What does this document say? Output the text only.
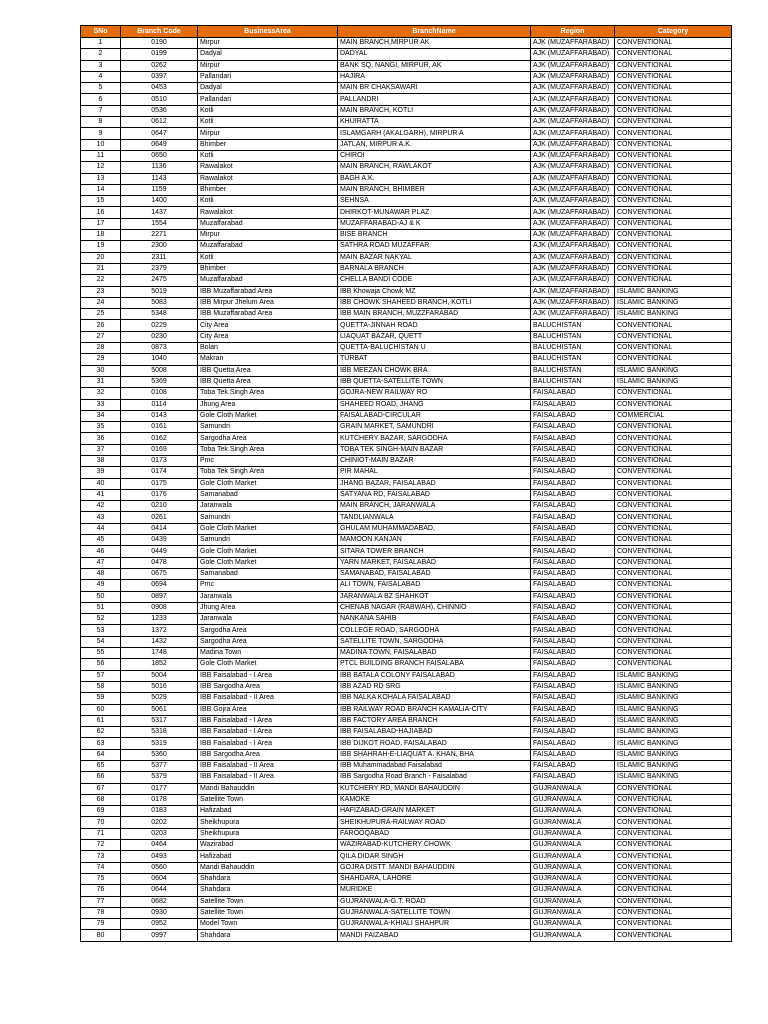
SNo	Branch Code	BusinessArea	BranchName	Region	Category
1	0190	Mirpur	MAIN BRANCH,MIRPUR AK	AJK (MUZAFFARABAD)	CONVENTIONAL
2	0199	Dadyal	DADYAL	AJK (MUZAFFARABAD)	CONVENTIONAL
3	0262	Mirpur	BANK SQ, NANGI, MIRPUR, AK	AJK (MUZAFFARABAD)	CONVENTIONAL
4	0397	Pallandari	HAJIRA	AJK (MUZAFFARABAD)	CONVENTIONAL
5	0453	Dadyal	MAIN BR CHAKSAWARI	AJK (MUZAFFARABAD)	CONVENTIONAL
6	0510	Pallandari	PALLANDRI	AJK (MUZAFFARABAD)	CONVENTIONAL
7	0536	Kotli	MAIN BRANCH, KOTLI	AJK (MUZAFFARABAD)	CONVENTIONAL
8	0612	Kotli	KHUIRATTA	AJK (MUZAFFARABAD)	CONVENTIONAL
9	0647	Mirpur	ISLAMGARH (AKALGARH), MIRPUR A	AJK (MUZAFFARABAD)	CONVENTIONAL
10	0649	Bhimber	JATLAN, MIRPUR A.K.	AJK (MUZAFFARABAD)	CONVENTIONAL
11	0650	Kotli	CHIROI	AJK (MUZAFFARABAD)	CONVENTIONAL
12	1136	Rawalakot	MAIN BRANCH, RAWLAKOT	AJK (MUZAFFARABAD)	CONVENTIONAL
13	1143	Rawalakot	BAGH A.K.	AJK (MUZAFFARABAD)	CONVENTIONAL
14	1159	Bhimber	MAIN BRANCH, BHIMBER	AJK (MUZAFFARABAD)	CONVENTIONAL
15	1400	Kotli	SEHNSA	AJK (MUZAFFARABAD)	CONVENTIONAL
16	1437	Rawalakot	DHIRKOT-MUNAWAR PLAZ	AJK (MUZAFFARABAD)	CONVENTIONAL
17	1554	Muzaffarabad	MUZAFFARABAD-AJ & K	AJK (MUZAFFARABAD)	CONVENTIONAL
18	2271	Mirpur	BISE BRANCH	AJK (MUZAFFARABAD)	CONVENTIONAL
19	2300	Muzaffarabad	SATHRA ROAD MUZAFFAR	AJK (MUZAFFARABAD)	CONVENTIONAL
20	2311	Kotli	MAIN BAZAR NAKYAL	AJK (MUZAFFARABAD)	CONVENTIONAL
21	2379	Bhimber	BARNALA BRANCH	AJK (MUZAFFARABAD)	CONVENTIONAL
22	2475	Muzaffarabad	CHELLA BANDI CODE	AJK (MUZAFFARABAD)	CONVENTIONAL
23	5019	IBB Muzaffarabad Area	IBB Khowaja Chowk MZ	AJK (MUZAFFARABAD)	ISLAMIC BANKING
24	5083	IBB Mirpur Jhelum Area	IBB CHOWK SHAHEED BRANCH, KOTLI	AJK (MUZAFFARABAD)	ISLAMIC BANKING
25	5348	IBB Muzaffarabad Area	IBB MAIN BRANCH, MUZZFARABAD	AJK (MUZAFFARABAD)	ISLAMIC BANKING
26	0229	City Area	QUETTA-JINNAH ROAD	BALUCHISTAN	CONVENTIONAL
27	0230	City Area	LIAQUAT BAZAR, QUETT	BALUCHISTAN	CONVENTIONAL
28	0873	Bolan	QUETTA-BALUCHISTAN U	BALUCHISTAN	CONVENTIONAL
29	1040	Makran	TURBAT	BALUCHISTAN	CONVENTIONAL
30	5008	IBB Quetta Area	IBB MEEZAN CHOWK BRA	BALUCHISTAN	ISLAMIC BANKING
31	5369	IBB Quetta Area	IBB QUETTA-SATELLITE TOWN	BALUCHISTAN	ISLAMIC BANKING
32	0108	Toba Tek Singh Area	GOJRA-NEW RAILWAY RO	FAISALABAD	CONVENTIONAL
33	0114	Jhung Area	SHAHEED ROAD, JHANG	FAISALABAD	CONVENTIONAL
34	0143	Gole Cloth Market	FAISALABAD-CIRCULAR	FAISALABAD	COMMERCIAL
35	0161	Samundri	GRAIN MARKET, SAMUNDRI	FAISALABAD	CONVENTIONAL
36	0162	Sargodha Area	KUTCHERY BAZAR, SARGODHA	FAISALABAD	CONVENTIONAL
37	0169	Toba Tek Singh Area	TOBA TEK SINGH-MAIN BAZAR	FAISALABAD	CONVENTIONAL
38	0173	Pmc	CHINIOT-MAIN BAZAR	FAISALABAD	CONVENTIONAL
39	0174	Toba Tek Singh Area	PIR MAHAL	FAISALABAD	CONVENTIONAL
40	0175	Gole Cloth Market	JHANG BAZAR, FAISALABAD	FAISALABAD	CONVENTIONAL
41	0176	Samanabad	SATYANA RD, FAISALABAD	FAISALABAD	CONVENTIONAL
42	0210	Jaranwala	MAIN BRANCH, JARANWALA	FAISALABAD	CONVENTIONAL
43	0261	Samundri	TANDLIANWALA	FAISALABAD	CONVENTIONAL
44	0414	Gole Cloth Market	GHULAM MUHAMMADABAD,	FAISALABAD	CONVENTIONAL
45	0439	Samundri	MAMOON KANJAN	FAISALABAD	CONVENTIONAL
46	0449	Gole Cloth Market	SITARA TOWER BRANCH	FAISALABAD	CONVENTIONAL
47	0478	Gole Cloth Market	YARN MARKET, FAISALABAD	FAISALABAD	CONVENTIONAL
48	0675	Samanabad	SAMANABAD, FAISALABAD	FAISALABAD	CONVENTIONAL
49	0694	Pmc	ALI TOWN, FAISALABAD	FAISALABAD	CONVENTIONAL
50	0897	Jaranwala	JARANWALA BZ SHAHKOT	FAISALABAD	CONVENTIONAL
51	0908	Jhung Area	CHENAB NAGAR (RABWAH), CHINNIO	FAISALABAD	CONVENTIONAL
52	1233	Jaranwala	NANKANA SAHIB	FAISALABAD	CONVENTIONAL
53	1372	Sargodha Area	COLLEGE ROAD, SARGODHA	FAISALABAD	CONVENTIONAL
54	1432	Sargodha Area	SATELLITE TOWN, SARGODHA	FAISALABAD	CONVENTIONAL
55	1748	Madina Town	MADINA TOWN, FAISALABAD	FAISALABAD	CONVENTIONAL
56	1852	Gole Cloth Market	PTCL BUILDING BRANCH FAISALABA	FAISALABAD	CONVENTIONAL
57	5004	IBB Faisalabad - I Area	IBB BATALA COLONY FAISALABAD	FAISALABAD	ISLAMIC BANKING
58	5016	IBB Sargodha Area	IBB AZAD RD SRG	FAISALABAD	ISLAMIC BANKING
59	5029	IBB Faisalabad - II Area	IBB NALKA KOHALA FAISALABAD	FAISALABAD	ISLAMIC BANKING
60	5061	IBB Gojra Area	IBB RAILWAY ROAD BRANCH KAMALIA-CITY	FAISALABAD	ISLAMIC BANKING
61	5317	IBB Faisalabad - I Area	IBB FACTORY AREA BRANCH	FAISALABAD	ISLAMIC BANKING
62	5318	IBB Faisalabad - I Area	IBB FAISALABAD-HAJIABAD	FAISALABAD	ISLAMIC BANKING
63	5319	IBB Faisalabad - I Area	IBB DIJKOT ROAD, FAISALABAD	FAISALABAD	ISLAMIC BANKING
64	5360	IBB Sargodha Area	IBB SHAHRAH-E-LIAQUAT A. KHAN, BHA	FAISALABAD	ISLAMIC BANKING
65	5377	IBB Faisalabad - II Area	IBB Muhammadabad Faisalabad	FAISALABAD	ISLAMIC BANKING
66	5379	IBB Faisalabad - II Area	IBB Sargodha Road Branch - Faisalabad	FAISALABAD	ISLAMIC BANKING
67	0177	Mandi Bahauddin	KUTCHERY RD, MANDI BAHAUDDIN	GUJRANWALA	CONVENTIONAL
68	0178	Satellite Town	KAMOKE	GUJRANWALA	CONVENTIONAL
69	0183	Hafizabad	HAFIZABAD-GRAIN MARKET	GUJRANWALA	CONVENTIONAL
70	0202	Sheikhupura	SHEIKHUPURA-RAILWAY ROAD	GUJRANWALA	CONVENTIONAL
71	0203	Sheikhupura	FAROOQABAD	GUJRANWALA	CONVENTIONAL
72	0464	Wazirabad	WAZIRABAD-KUTCHERY CHOWK	GUJRANWALA	CONVENTIONAL
73	0493	Hafizabad	QILA DIDAR SINGH	GUJRANWALA	CONVENTIONAL
74	0560	Mandi Bahauddin	GOJRA DISTT. MANDI BAHAUDDIN	GUJRANWALA	CONVENTIONAL
75	0604	Shahdara	SHAHDARA, LAHORE	GUJRANWALA	CONVENTIONAL
76	0644	Shahdara	MURIDKE	GUJRANWALA	CONVENTIONAL
77	0682	Satellite Town	GUJRANWALA-G.T. ROAD	GUJRANWALA	CONVENTIONAL
78	0930	Satellite Town	GUJRANWALA-SATELLITE TOWN	GUJRANWALA	CONVENTIONAL
79	0952	Model Town	GUJRANWALA-KHIALI SHAHPUR	GUJRANWALA	CONVENTIONAL
80	0997	Shahdara	MANDI FAIZABAD	GUJRANWALA	CONVENTIONAL
